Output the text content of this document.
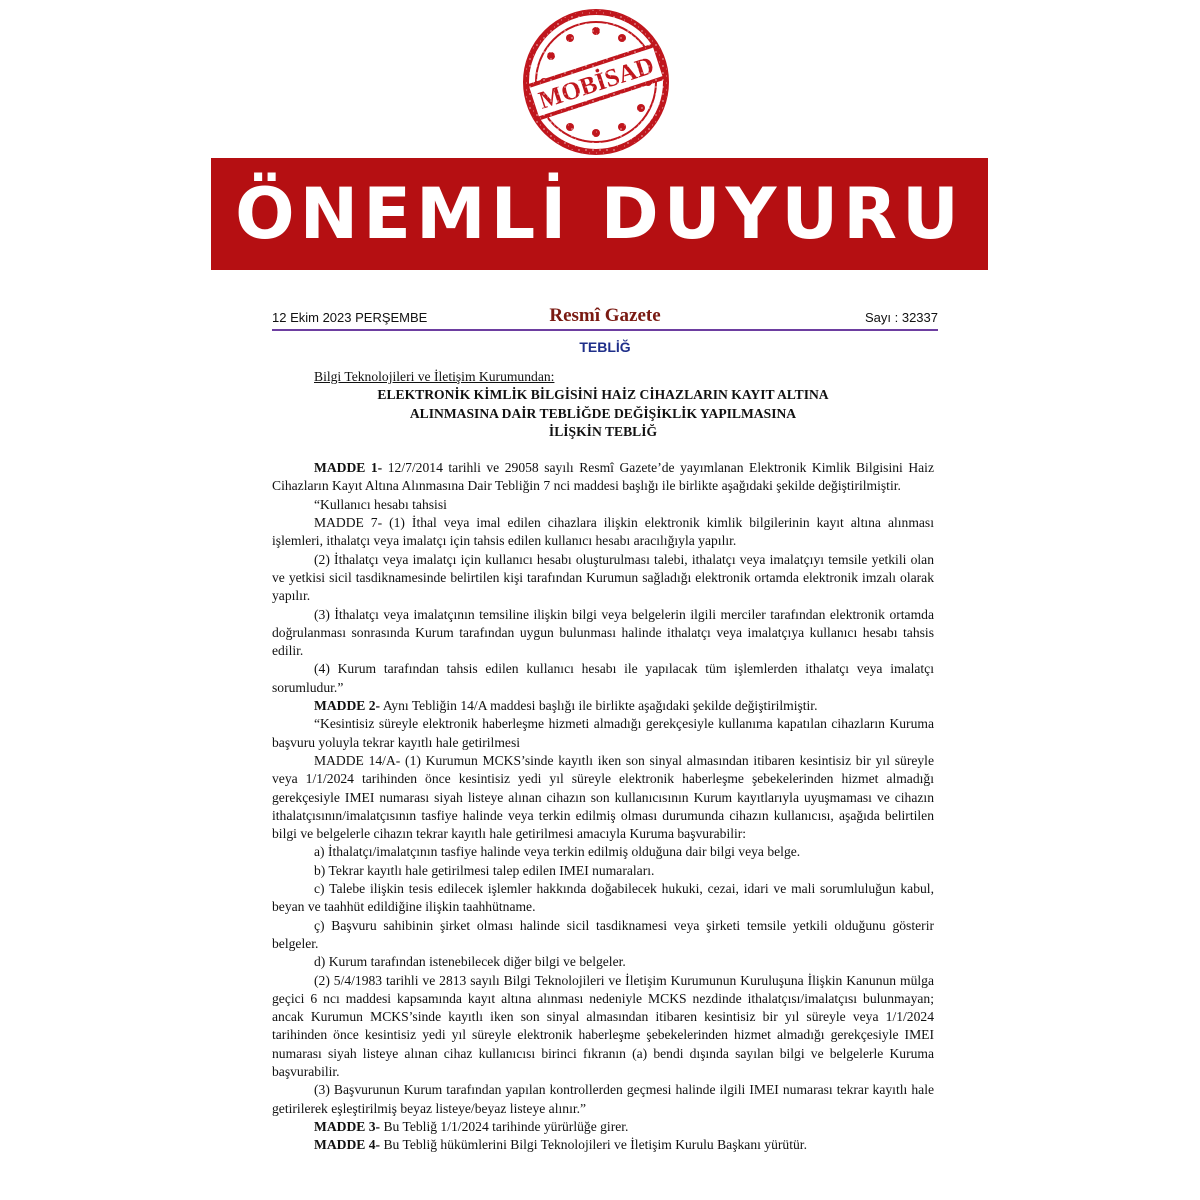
ÖNEMLİ DUYURU
12 Ekim 2023 PERŞEMBE	Resmî Gazete	Sayı : 32337
TEBLİĞ

Bilgi Teknolojileri ve İletişim Kurumundan:

ELEKTRONİK KİMLİK BİLGİSİNİ HAİZ CİHAZLARIN KAYIT ALTINA

ALINMASINA DAİR TEBLİĞDE DEĞİŞİKLİK YAPILMASINA

İLİŞKİN TEBLİĞ

MADDE 1- 12/7/2014 tarihli ve 29058 sayılı Resmî Gazete’de yayımlanan Elektronik Kimlik Bilgisini Haiz Cihazların Kayıt Altına Alınmasına Dair Tebliğin 7 nci maddesi başlığı ile birlikte aşağıdaki şekilde değiştirilmiştir.

“Kullanıcı hesabı tahsisi

MADDE 7- (1) İthal veya imal edilen cihazlara ilişkin elektronik kimlik bilgilerinin kayıt altına alınması işlemleri, ithalatçı veya imalatçı için tahsis edilen kullanıcı hesabı aracılığıyla yapılır.

(2) İthalatçı veya imalatçı için kullanıcı hesabı oluşturulması talebi, ithalatçı veya imalatçıyı temsile yetkili olan ve yetkisi sicil tasdiknamesinde belirtilen kişi tarafından Kurumun sağladığı elektronik ortamda elektronik imzalı olarak yapılır.

(3) İthalatçı veya imalatçının temsiline ilişkin bilgi veya belgelerin ilgili merciler tarafından elektronik ortamda doğrulanması sonrasında Kurum tarafından uygun bulunması halinde ithalatçı veya imalatçıya kullanıcı hesabı tahsis edilir.

(4) Kurum tarafından tahsis edilen kullanıcı hesabı ile yapılacak tüm işlemlerden ithalatçı veya imalatçı sorumludur.”

MADDE 2- Aynı Tebliğin 14/A maddesi başlığı ile birlikte aşağıdaki şekilde değiştirilmiştir.

“Kesintisiz süreyle elektronik haberleşme hizmeti almadığı gerekçesiyle kullanıma kapatılan cihazların Kuruma başvuru yoluyla tekrar kayıtlı hale getirilmesi

MADDE 14/A- (1) Kurumun MCKS’sinde kayıtlı iken son sinyal almasından itibaren kesintisiz bir yıl süreyle veya 1/1/2024 tarihinden önce kesintisiz yedi yıl süreyle elektronik haberleşme şebekelerinden hizmet almadığı gerekçesiyle IMEI numarası siyah listeye alınan cihazın son kullanıcısının Kurum kayıtlarıyla uyuşmaması ve cihazın ithalatçısının/imalatçısının tasfiye halinde veya terkin edilmiş olması durumunda cihazın kullanıcısı, aşağıda belirtilen bilgi ve belgelerle cihazın tekrar kayıtlı hale getirilmesi amacıyla Kuruma başvurabilir:

a) İthalatçı/imalatçının tasfiye halinde veya terkin edilmiş olduğuna dair bilgi veya belge.

b) Tekrar kayıtlı hale getirilmesi talep edilen IMEI numaraları.

c) Talebe ilişkin tesis edilecek işlemler hakkında doğabilecek hukuki, cezai, idari ve mali sorumluluğun kabul, beyan ve taahhüt edildiğine ilişkin taahhütname.

ç) Başvuru sahibinin şirket olması halinde sicil tasdiknamesi veya şirketi temsile yetkili olduğunu gösterir belgeler.

d) Kurum tarafından istenebilecek diğer bilgi ve belgeler.

(2) 5/4/1983 tarihli ve 2813 sayılı Bilgi Teknolojileri ve İletişim Kurumunun Kuruluşuna İlişkin Kanunun mülga geçici 6 ncı maddesi kapsamında kayıt altına alınması nedeniyle MCKS nezdinde ithalatçısı/imalatçısı bulunmayan; ancak Kurumun MCKS’sinde kayıtlı iken son sinyal almasından itibaren kesintisiz bir yıl süreyle veya 1/1/2024 tarihinden önce kesintisiz yedi yıl süreyle elektronik haberleşme şebekelerinden hizmet almadığı gerekçesiyle IMEI numarası siyah listeye alınan cihaz kullanıcısı birinci fıkranın (a) bendi dışında sayılan bilgi ve belgelerle Kuruma başvurabilir.

(3) Başvurunun Kurum tarafından yapılan kontrollerden geçmesi halinde ilgili IMEI numarası tekrar kayıtlı hale getirilerek eşleştirilmiş beyaz listeye/beyaz listeye alınır.”

MADDE 3- Bu Tebliğ 1/1/2024 tarihinde yürürlüğe girer.

MADDE 4- Bu Tebliğ hükümlerini Bilgi Teknolojileri ve İletişim Kurulu Başkanı yürütür.
